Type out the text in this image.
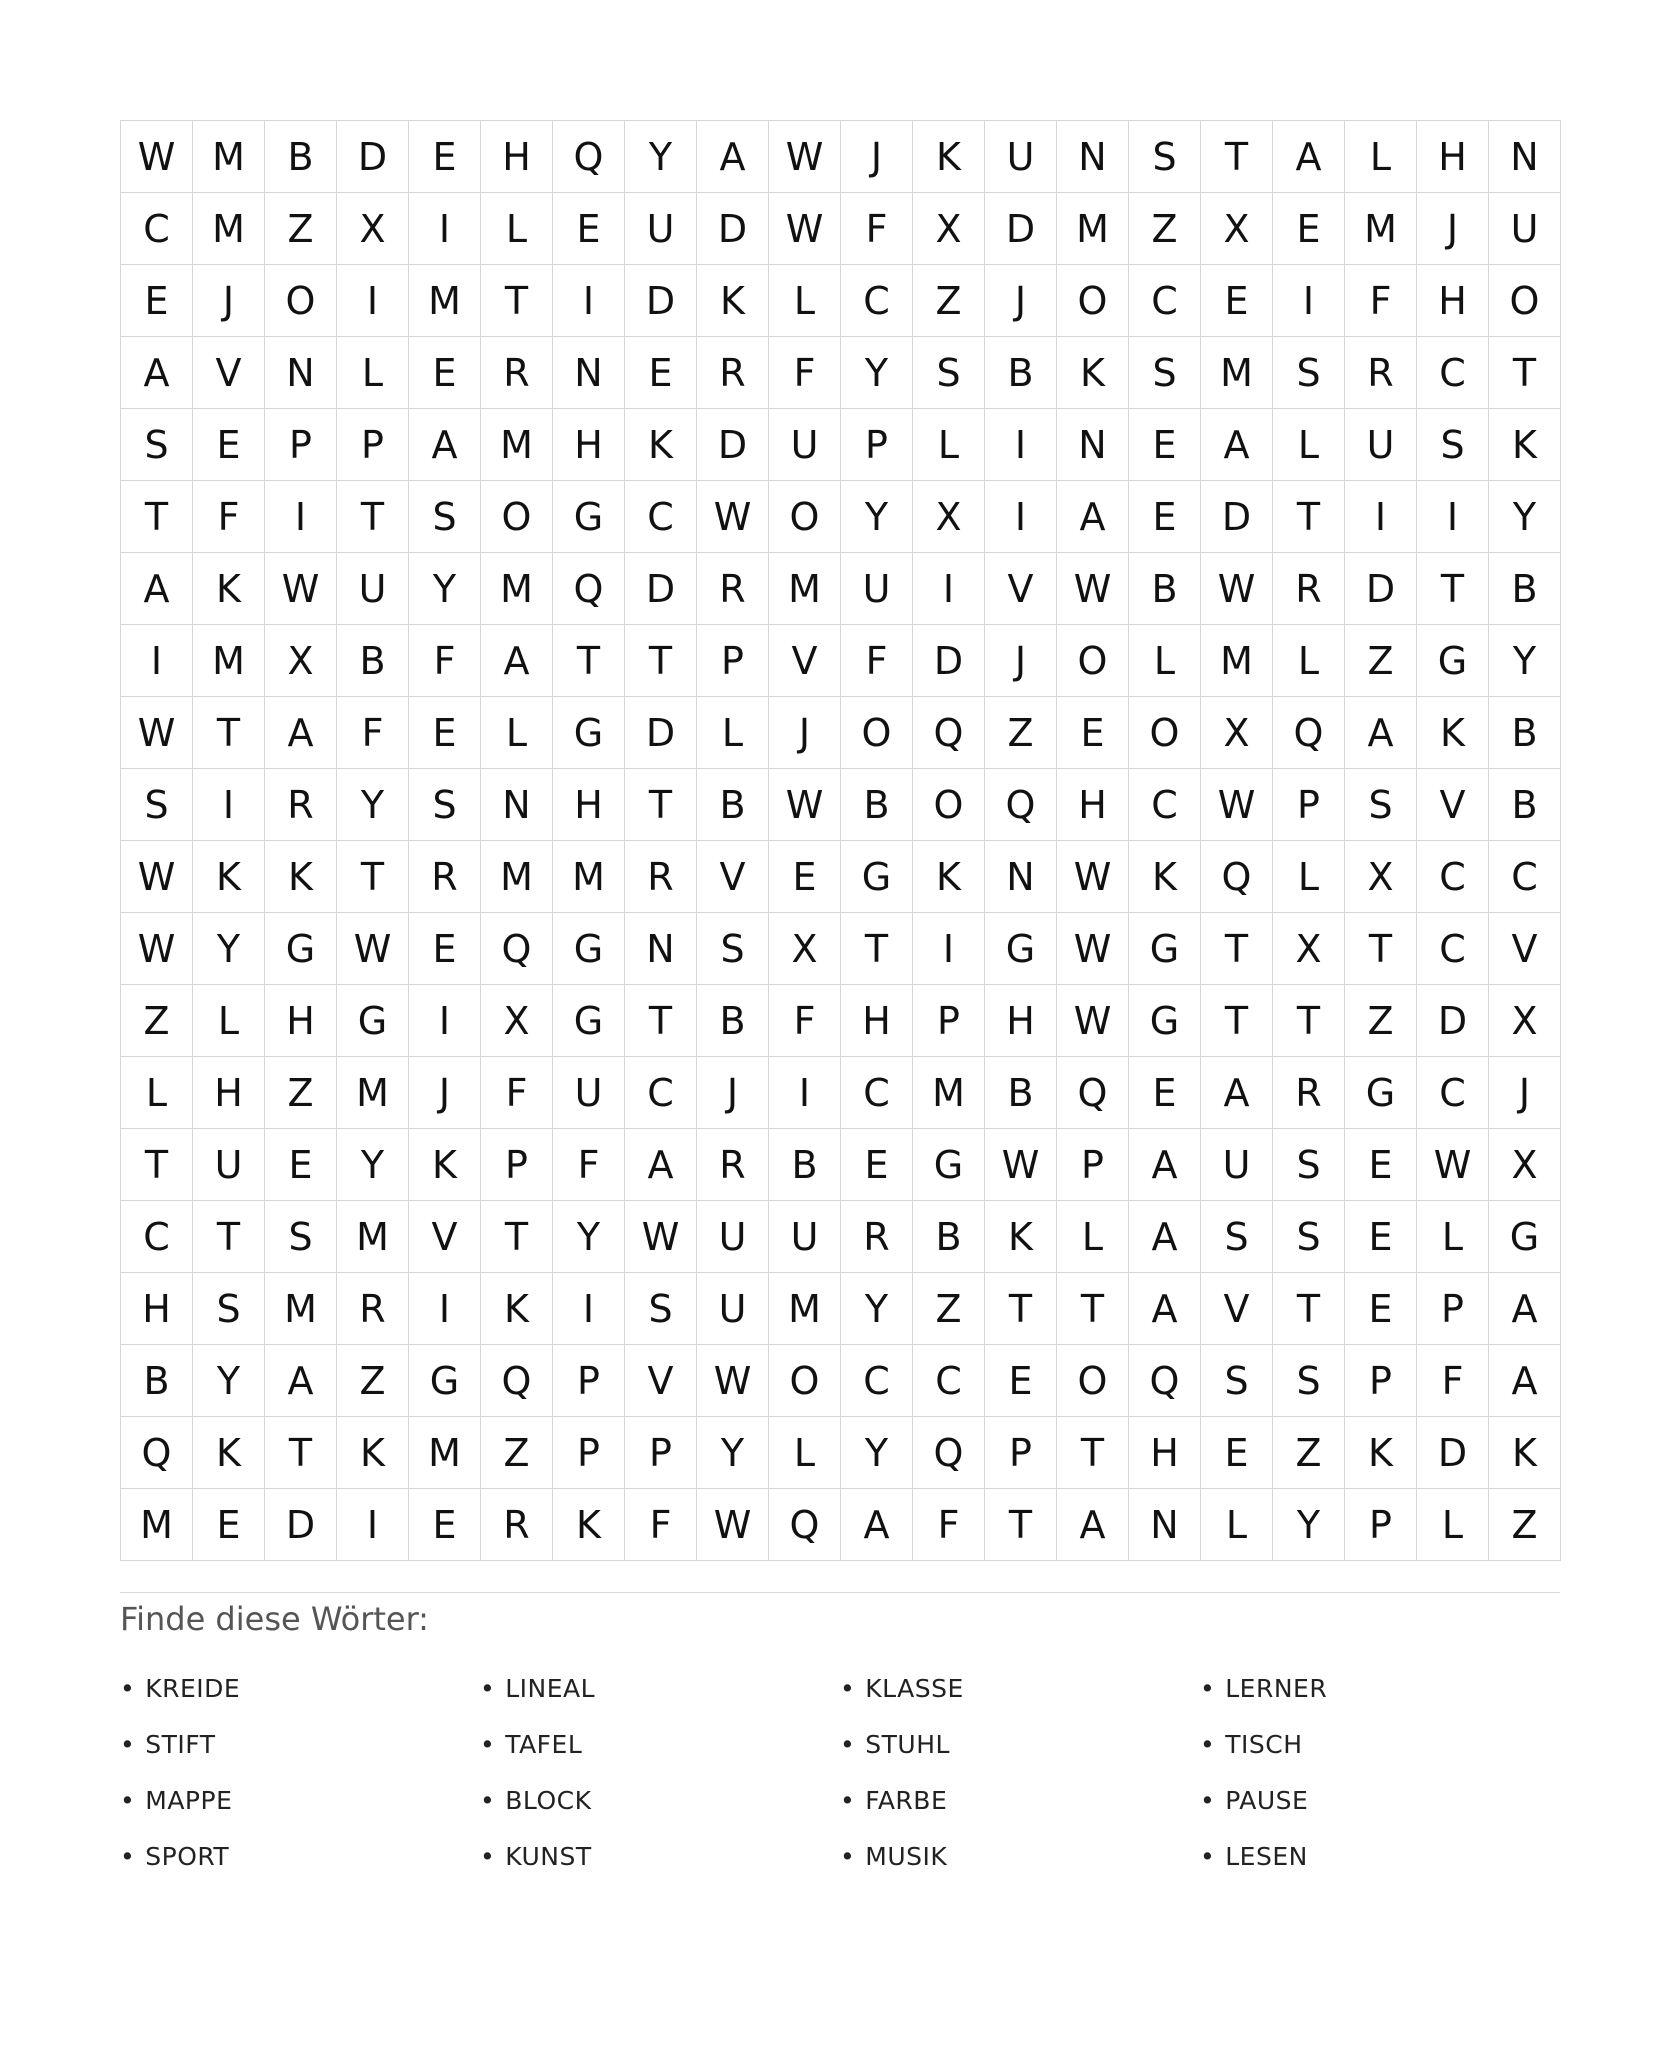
W M	B	D	E	H	Q	Y	A	W	J	K	U	N	S	T	A	L	H	N
C	M	Z	X	I	L	E	U	D	W	F	X	D	M	Z	X	E	M	J	U
E	J	O	I	M	T	I	D	K	L	C	Z	J	O	C	E	I	F	H	O
A	V	N	L	E	R	N	E	R	F	Y	S	B	K	S	M	S	R	C	T
S	E	P	P	A	M	H	K	D	U	P	L	I	N	E	A	L	U	S	K
T	F	I	T	S	O	G	C	W	O	Y	X	I	A	E	D	T	I	I	Y
A	K	W	U	Y	M	Q	D	R	M	U	I	V	W	B	W	R	D	T	B
I	M	X	B	F	A	T	T	P	V	F	D	J	O	L	M	L	Z	G	Y
W	T	A	F	E	L	G	D	L	J	O	Q	Z	E	O	X	Q	A	K	B
S	I	R	Y	S	N	H	T	B	W	B	O	Q	H	C	W	P	S	V	B
W	K	K	T	R	M	M	R	V	E	G	K	N	W	K	Q	L	X	C	C
W	Y	G	W	E	Q	G	N	S	X	T	I	G	W	G	T	X	T	C	V
Z	L	H	G	I	X	G	T	B	F	H	P	H	W	G	T	T	Z	D	X
L	H	Z	M	J	F	U	C	J	I	C	M	B	Q	E	A	R	G	C	J
T	U	E	Y	K	P	F	A	R	B	E	G	W	P	A	U	S	E	W	X
C	T	S	M	V	T	Y	W	U	U	R	B	K	L	A	S	S	E	L	G
H	S	M	R	I	K	I	S	U	M	Y	Z	T	T	A	V	T	E	P	A
B	Y	A	Z	G	Q	P	V	W	O	C	C	E	O	Q	S	S	P	F	A
Q	K	T	K	M	Z	P	P	Y	L	Y	Q	P	T	H	E	Z	K	D	K
M	E	D	I	E	R	K	F	W	Q	A	F	T	A	N	L	Y	P	L	Z
Finde diese Wörter:
• KREIDE	• LINEAL	• KLASSE	• LERNER
• STIFT	• TAFEL	• STUHL	• TISCH
• MAPPE	• BLOCK	• FARBE	• PAUSE
• SPORT	• KUNST	• MUSIK	• LESEN
